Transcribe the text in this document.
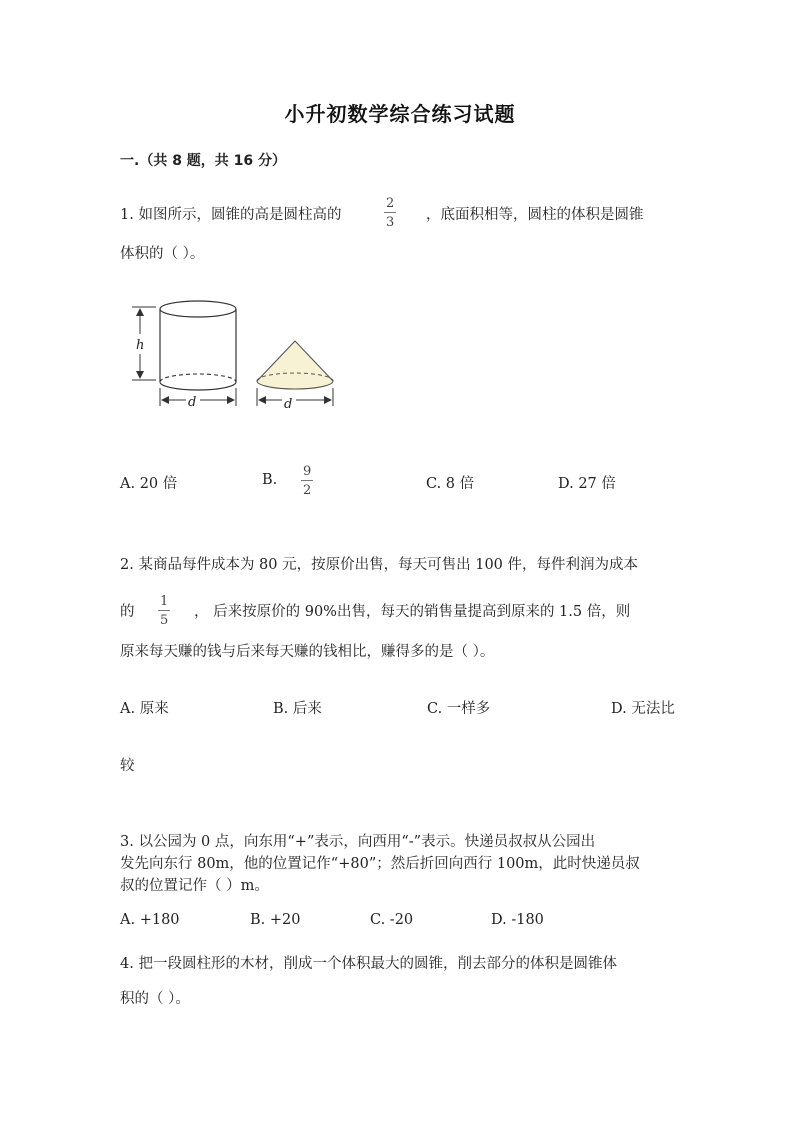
小升初数学综合练习试题
一.（共 8 题，共 16 分）
1. 如图所示，圆锥的高是圆柱高的
2
3 ，底面积相等，圆柱的体积是圆锥
体积的（ ）。
h
d	d
A. 20 倍	B.
9
2	C. 8 倍	D. 27 倍
2. 某商品每件成本为 80 元，按原价出售，每天可售出 100 件，每件利润为成本
的
1
5
， 后来按原价的 90%出售，每天的销售量提高到原来的 1.5 倍，则
原来每天赚的钱与后来每天赚的钱相比，赚得多的是（ ）。
A. 原来	B. 后来	C. 一样多	D. 无法比
较
3. 以公园为 0 点，向东用“+”表示，向西用“-”表示。快递员叔叔从公园出
发先向东行 80m，他的位置记作“+80”；然后折回向西行 100m，此时快递员叔
叔的位置记作（ ）m。
A. +180	B. +20	C. -20	D. -180
4. 把一段圆柱形的木材，削成一个体积最大的圆锥，削去部分的体积是圆锥体
积的（ ）。
